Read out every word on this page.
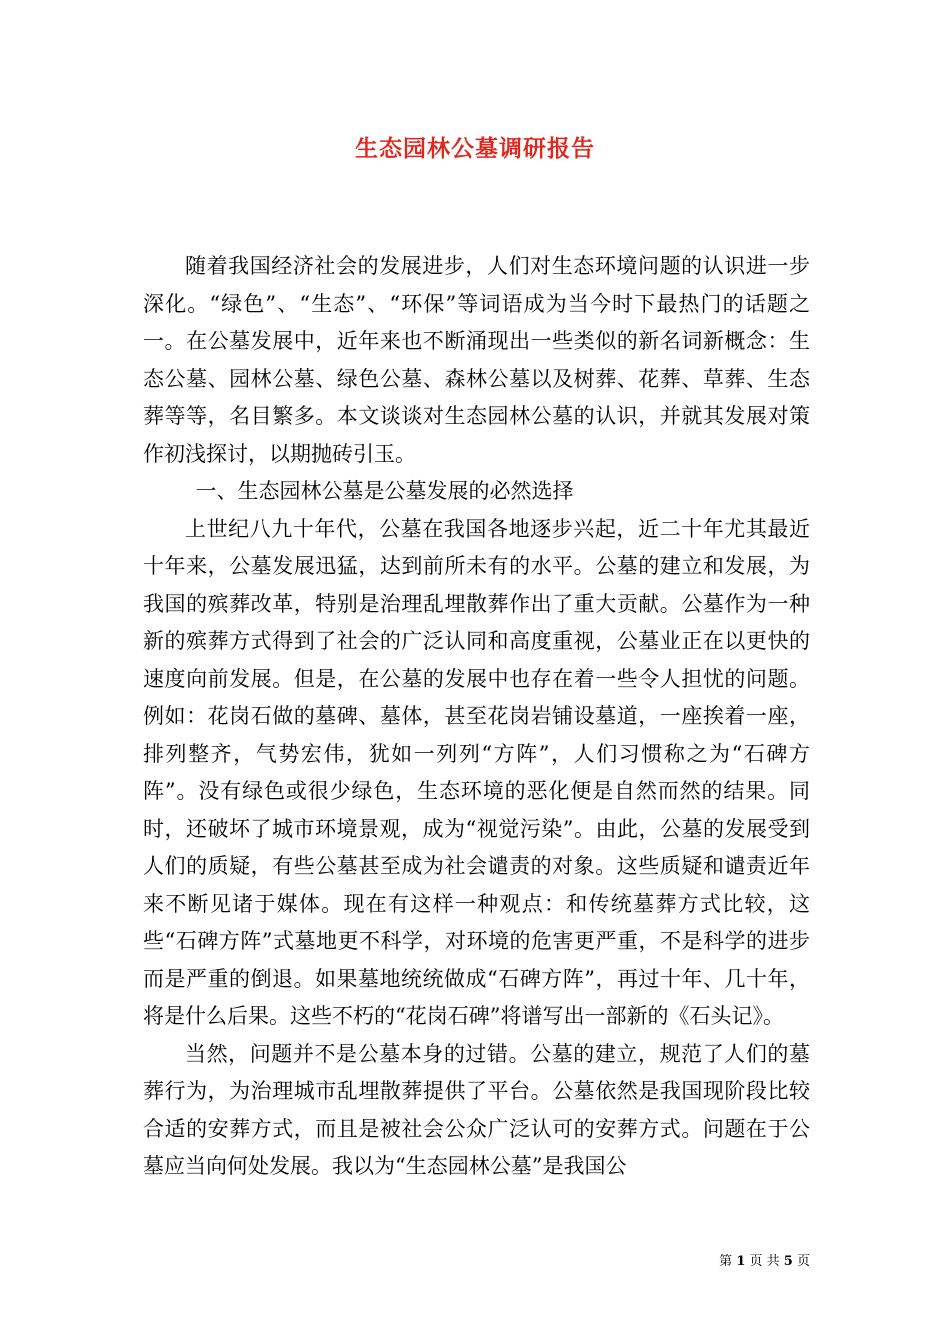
生态园林公墓调研报告

随着我国经济社会的发展进步，人们对生态环境问题的认识进一步深化。“绿色”、“生态”、“环保”等词语成为当今时下最热门的话题之一。在公墓发展中，近年来也不断涌现出一些类似的新名词新概念：生态公墓、园林公墓、绿色公墓、森林公墓以及树葬、花葬、草葬、生态葬等等，名目繁多。本文谈谈对生态园林公墓的认识，并就其发展对策作初浅探讨，以期抛砖引玉。

一、生态园林公墓是公墓发展的必然选择

上世纪八九十年代，公墓在我国各地逐步兴起，近二十年尤其最近十年来，公墓发展迅猛，达到前所未有的水平。公墓的建立和发展，为我国的殡葬改革，特别是治理乱埋散葬作出了重大贡献。公墓作为一种新的殡葬方式得到了社会的广泛认同和高度重视，公墓业正在以更快的速度向前发展。但是，在公墓的发展中也存在着一些令人担忧的问题。例如：花岗石做的墓碑、墓体，甚至花岗岩铺设墓道，一座挨着一座，排列整齐，气势宏伟，犹如一列列“方阵”，人们习惯称之为“石碑方阵”。没有绿色或很少绿色，生态环境的恶化便是自然而然的结果。同时，还破坏了城市环境景观，成为“视觉污染”。由此，公墓的发展受到人们的质疑，有些公墓甚至成为社会谴责的对象。这些质疑和谴责近年来不断见诸于媒体。现在有这样一种观点：和传统墓葬方式比较，这些“石碑方阵”式墓地更不科学，对环境的危害更严重，不是科学的进步而是严重的倒退。如果墓地统统做成“石碑方阵”，再过十年、几十年，将是什么后果。这些不朽的“花岗石碑”将谱写出一部新的《石头记》。

当然，问题并不是公墓本身的过错。公墓的建立，规范了人们的墓葬行为，为治理城市乱埋散葬提供了平台。公墓依然是我国现阶段比较合适的安葬方式，而且是被社会公众广泛认可的安葬方式。问题在于公墓应当向何处发展。我以为“生态园林公墓”是我国公

第 1 页 共 5 页
